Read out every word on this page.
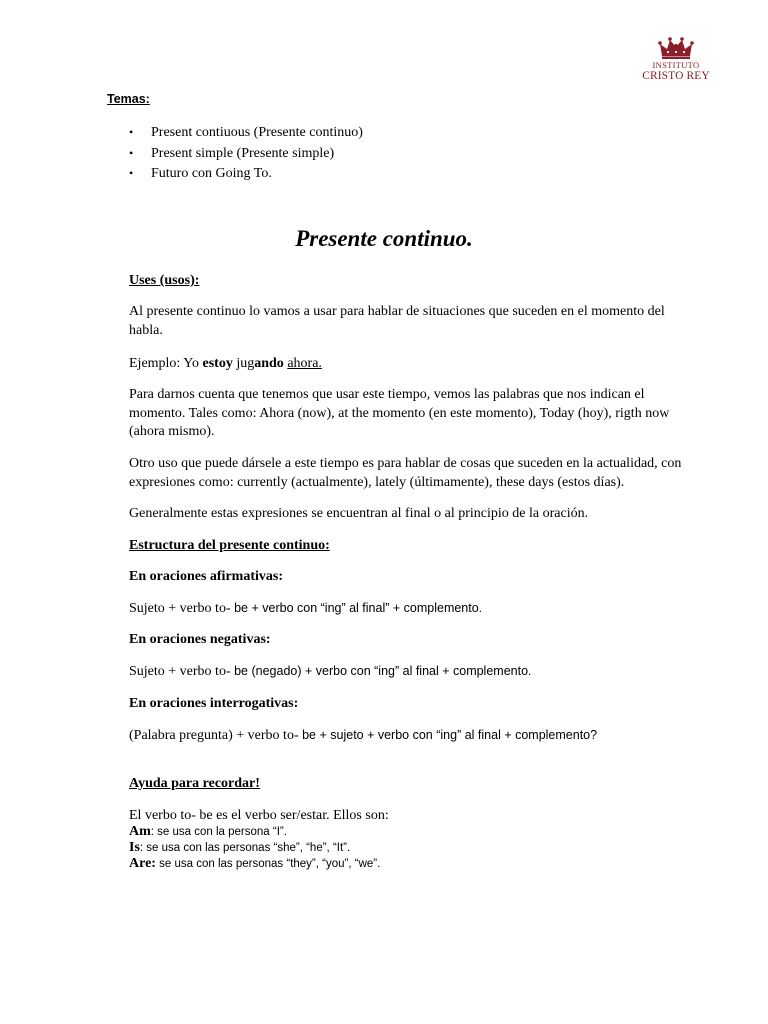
INSTITUTO
CRISTO REY
Temas:
• Present contiuous (Presente continuo)
• Present simple (Presente simple)
• Futuro con Going To.
Presente continuo.
Uses (usos):
Al presente continuo lo vamos a usar para hablar de situaciones que suceden en el momento del habla.
Ejemplo: Yo estoy jugando ahora.
Para darnos cuenta que tenemos que usar este tiempo, vemos las palabras que nos indican el momento. Tales como: Ahora (now), at the momento (en este momento), Today (hoy), rigth now (ahora mismo).
Otro uso que puede dársele a este tiempo es para hablar de cosas que suceden en la actualidad, con expresiones como: currently (actualmente), lately (últimamente), these days (estos días).
Generalmente estas expresiones se encuentran al final o al principio de la oración.
Estructura del presente continuo:
En oraciones afirmativas:
Sujeto + verbo to- be + verbo con “ing” al final” + complemento.
En oraciones negativas:
Sujeto + verbo to- be (negado) + verbo con “ing” al final + complemento.
En oraciones interrogativas:
(Palabra pregunta) + verbo to- be + sujeto + verbo con “ing” al final + complemento?
Ayuda para recordar!
El verbo to- be es el verbo ser/estar. Ellos son:
Am: se usa con la persona “I”.
Is: se usa con las personas “she”, “he”, “It”.
Are: se usa con las personas “they”, “you”, “we”.
